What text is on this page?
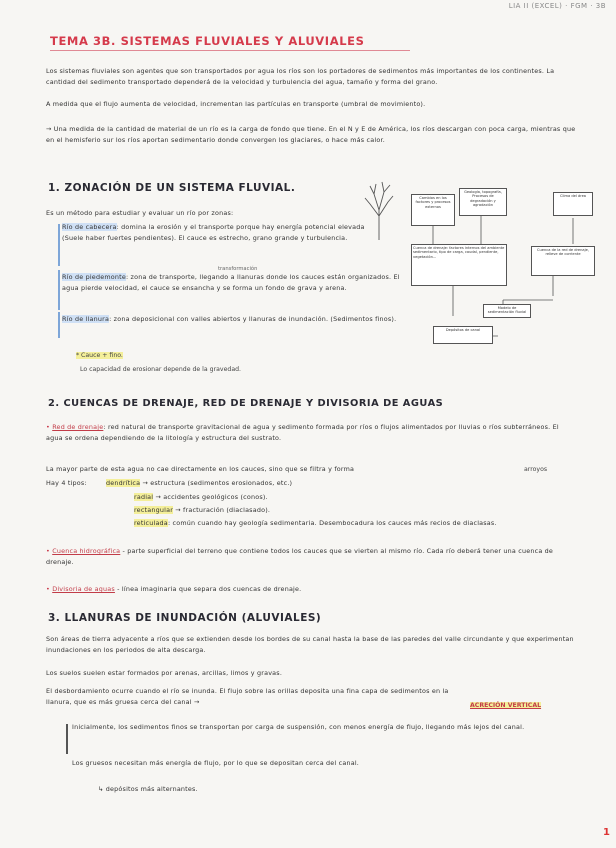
LIA II (EXCEL) · FGM · 3B
TEMA 3B. SISTEMAS FLUVIALES Y ALUVIALES
Los sistemas fluviales son agentes que son transportados por agua los ríos son los portadores de sedimentos más importantes de los continentes. La cantidad del sedimento transportado dependerá de la velocidad y turbulencia del agua, tamaño y forma del grano.
A medida que el flujo aumenta de velocidad, incrementan las partículas en transporte (umbral de movimiento).
→ Una medida de la cantidad de material de un río es la carga de fondo que tiene. En el N y E de América, los ríos descargan con poca carga, mientras que en el hemisferio sur los ríos aportan sedimentario donde convergen los glaciares, o hace más calor.
1. ZONACIÓN DE UN SISTEMA FLUVIAL.
Es un método para estudiar y evaluar un río por zonas:
Río de cabecera: domina la erosión y el transporte porque hay energía potencial elevada (Suele haber fuertes pendientes). El cauce es estrecho, grano grande y turbulencia.
transformación
Río de piedemonte: zona de transporte, llegando a llanuras donde los cauces están organizados. El agua pierde velocidad, el cauce se ensancha y se forma un fondo de grava y arena.
Río de llanura: zona deposicional con valles abiertos y llanuras de inundación. (Sedimentos finos).
* Cauce + fino.
Lo capacidad de erosionar depende de la gravedad.
Cambios en los factores y procesos externos
Geología, topografía, Procesos de degradación y agradación
Clima del área
Cuenca de drenaje: factores internos del ambiente sedimentario, tipo de carga, caudal, pendiente, vegetación...
Cuenca de la red de drenaje, relieve de corriente
Modelo de sedimentación fluvial
Depósitos de canal
2. CUENCAS DE DRENAJE, RED DE DRENAJE Y DIVISORIA DE AGUAS
• Red de drenaje: red natural de transporte gravitacional de agua y sedimento formada por ríos o flujos alimentados por lluvias o ríos subterráneos. El agua se ordena dependiendo de la litología y estructura del sustrato.
La mayor parte de esta agua no cae directamente en los cauces, sino que se filtra y forma	arroyos
Hay 4 tipos:	dendrítica → estructura (sedimentos erosionados, etc.)
radial → accidentes geológicos (conos).
rectangular → fracturación (diaclasado).
reticulada: común cuando hay geología sedimentaria. Desembocadura los cauces más recios de diaclasas.
• Cuenca hidrográfica - parte superficial del terreno que contiene todos los cauces que se vierten al mismo río. Cada río deberá tener una cuenca de drenaje.
• Divisoria de aguas - línea imaginaria que separa dos cuencas de drenaje.
3. LLANURAS DE INUNDACIÓN (ALUVIALES)
Son áreas de tierra adyacente a ríos que se extienden desde los bordes de su canal hasta la base de las paredes del valle circundante y que experimentan inundaciones en los periodos de alta descarga.
Los suelos suelen estar formados por arenas, arcillas, limos y gravas.
El desbordamiento ocurre cuando el río se inunda. El flujo sobre las orillas deposita una fina capa de sedimentos en la llanura, que es más gruesa cerca del canal →	ACRECIÓN VERTICAL
Inicialmente, los sedimentos finos se transportan por carga de suspensión, con menos energía de flujo, llegando más lejos del canal.
Los gruesos necesitan más energía de flujo, por lo que se depositan cerca del canal.
↳ depósitos más alternantes.
1
